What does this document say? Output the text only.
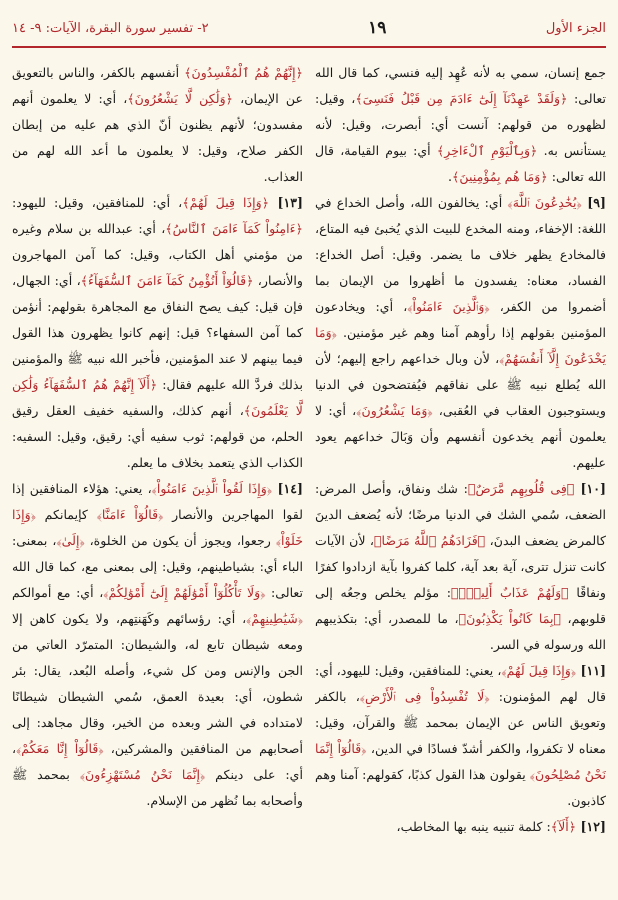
الجزء الأول
١٩
٢- تفسير سورة البقرة، الآيات: ٩- ١٤

جمع إنسان، سمي به لأنه عُهِد إليه فنسي، كما قال الله تعالى: ﴿وَلَقَدْ عَهِدْنَآ إِلَىٰٓ ءَادَمَ مِن قَبْلُ فَنَسِىَ﴾، وقيل: لظهوره من قولهم: آنست أي: أبصرت، وقيل: لأنه يستأنس به. ﴿وَبِٱلْيَوْمِ ٱلْءَاخِرِ﴾ أي: بيوم القيامة، قال الله تعالى: ﴿وَمَا هُم بِمُؤْمِنِينَ﴾.

[٩] ﴿يُخَٰدِعُونَ ٱللَّهَ﴾ أي: يخالفون الله، وأصل الخداع في اللغة: الإخفاء، ومنه المخدع للبيت الذي يُخبئ فيه المتاع، فالمخادع يظهر خلاف ما يضمر. وقيل: أصل الخداع: الفساد، معناه: يفسدون ما أظهروا من الإيمان بما أضمروا من الكفر، ﴿وَٱلَّذِينَ ءَامَنُواْ﴾، أي: ويخادعون المؤمنين بقولهم إذا رأوهم آمنا وهم غير مؤمنين. ﴿وَمَا يَخْدَعُونَ إِلَّآ أَنفُسَهُمْ﴾، لأن وبال خداعهم راجع إليهم؛ لأن الله يُطلع نبيه ﷺ على نفاقهم فيُفتضحون في الدنيا ويستوجبون العقاب في العُقبى، ﴿وَمَا يَشْعُرُونَ﴾، أي: لا يعلمون أنهم يخدعون أنفسهم وأن وَبَالَ خداعهم يعود عليهم.

[١٠] ﴿فِى قُلُوبِهِم مَّرَضٌ﴾: شك ونفاق، وأصل المرض: الضعف، سُمي الشك في الدنيا مرضًا؛ لأنه يُضعف الدينَ كالمرض يضعف البدنَ، ﴿فَزَادَهُمُ ٱللَّهُ مَرَضًا﴾، لأن الآيات كانت تنزل تترى، آية بعد آية، كلما كفروا بآية ازدادوا كفرًا ونفاقًا ﴿وَلَهُمْ عَذَابٌ أَلِيمٌۢ﴾: مؤلم يخلص وجعُه إلى قلوبهم، ﴿بِمَا كَانُواْ يَكْذِبُونَ﴾، ما للمصدر، أي: بتكذيبهم الله ورسوله في السر.

[١١] ﴿وَإِذَا قِيلَ لَهُمْ﴾، يعني: للمنافقين، وقيل: لليهود، أي: قال لهم المؤمنون: ﴿لَا تُفْسِدُواْ فِى ٱلْأَرْضِ﴾، بالكفر وتعويق الناس عن الإيمان بمحمد ﷺ والقرآن، وقيل: معناه لا تكفروا، والكفر أشدّ فسادًا في الدين، ﴿قَالُوٓاْ إِنَّمَا نَحْنُ مُصْلِحُونَ﴾ يقولون هذا القول كذبًا، كقولهم: آمنا وهم كاذبون.

[١٢] ﴿أَلَآ﴾: كلمة تنبيه ينبه بها المخاطب،

﴿إِنَّهُمْ هُمُ ٱلْمُفْسِدُونَ﴾ أنفسهم بالكفر، والناس بالتعويق عن الإيمان، ﴿وَلَٰكِن لَّا يَشْعُرُونَ﴾، أي: لا يعلمون أنهم مفسدون؛ لأنهم يظنون أنّ الذي هم عليه من إبطان الكفر صلاح، وقيل: لا يعلمون ما أعد الله لهم من العذاب.

[١٣] ﴿وَإِذَا قِيلَ لَهُمْ﴾، أي: للمنافقين، وقيل: لليهود: ﴿ءَامِنُواْ كَمَآ ءَامَنَ ٱلنَّاسُ﴾، أي: عبدالله بن سلام وغيره من مؤمني أهل الكتاب، وقيل: كما آمن المهاجرون والأنصار، ﴿قَالُوٓاْ أَنُؤْمِنُ كَمَآ ءَامَنَ ٱلسُّفَهَآءُ﴾، أي: الجهال، فإن قيل: كيف يصح النفاق مع المجاهرة بقولهم: أنؤمن كما آمن السفهاء؟ قيل: إنهم كانوا يظهرون هذا القول فيما بينهم لا عند المؤمنين، فأخبر الله نبيه ﷺ والمؤمنين بذلك فردَّ الله عليهم فقال: ﴿أَلَآ إِنَّهُمْ هُمُ ٱلسُّفَهَآءُ وَلَٰكِن لَّا يَعْلَمُونَ﴾، أنهم كذلك، والسفيه خفيف العقل رقيق الحلم، من قولهم: ثوب سفيه أي: رقيق، وقيل: السفيه: الكذاب الذي يتعمد بخلاف ما يعلم.

[١٤] ﴿وَإِذَا لَقُواْ ٱلَّذِينَ ءَامَنُواْ﴾، يعني: هؤلاء المنافقين إذا لقوا المهاجرين والأنصار ﴿قَالُوٓاْ ءَامَنَّا﴾ كإيمانكم ﴿وَإِذَا خَلَوْاْ﴾ رجعوا، ويجوز أن يكون من الخلوة، ﴿إِلَىٰ﴾، بمعنى: الباء أي: بشياطينهم، وقيل: إلى بمعنى مع، كما قال الله تعالى: ﴿وَلَا تَأْكُلُوٓاْ أَمْوَٰلَهُمْ إِلَىٰٓ أَمْوَٰلِكُمْ﴾، أي: مع أموالكم ﴿شَيَٰطِينِهِمْ﴾، أي: رؤسائهم وكَهَنتِهم، ولا يكون كاهن إلا ومعه شيطان تابع له، والشيطان: المتمرّد العاتي من الجن والإنس ومن كل شيء، وأصله البُعد، يقال: بئر شطون، أي: بعيدة العمق، سُمي الشيطان شيطانًا لامتداده في الشر وبعده من الخير، وقال مجاهد: إلى أصحابهم من المنافقين والمشركين، ﴿قَالُوٓاْ إِنَّا مَعَكُمْ﴾، أي: على دينكم ﴿إِنَّمَا نَحْنُ مُسْتَهْزِءُونَ﴾ بمحمد ﷺ وأصحابه بما نُظهر من الإسلام.
